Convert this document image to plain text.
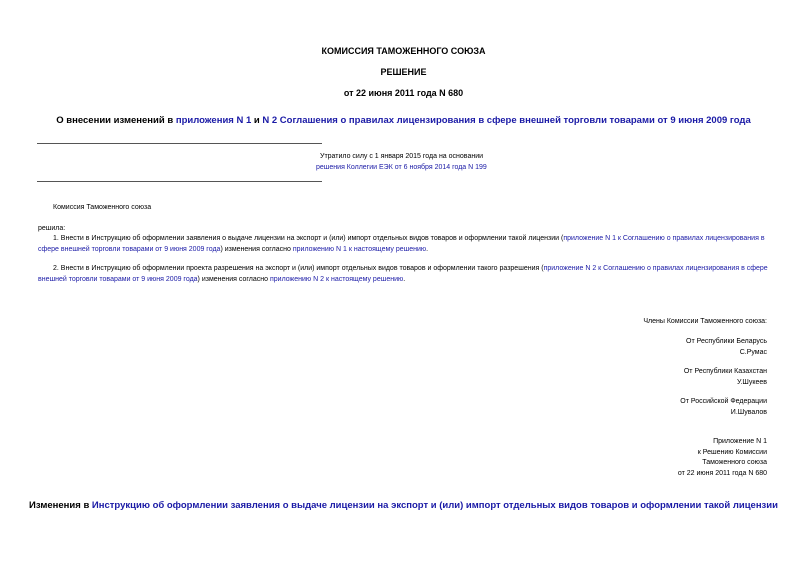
КОМИССИЯ ТАМОЖЕННОГО СОЮЗА
РЕШЕНИЕ
от 22 июня 2011 года N 680
О внесении изменений в приложения N 1 и N 2 Соглашения о правилах лицензирования в сфере внешней торговли товарами от 9 июня 2009 года
Утратило силу с 1 января 2015 года на основании
решения Коллегии ЕЭК от 6 ноября 2014 года N 199
Комиссия Таможенного союза
решила:
1. Внести в Инструкцию об оформлении заявления о выдаче лицензии на экспорт и (или) импорт отдельных видов товаров и оформлении такой лицензии (приложение N 1 к Соглашению о правилах лицензирования в сфере внешней торговли товарами от 9 июня 2009 года) изменения согласно приложению N 1 к настоящему решению.
2. Внести в Инструкцию об оформлении проекта разрешения на экспорт и (или) импорт отдельных видов товаров и оформлении такого разрешения (приложение N 2 к Соглашению о правилах лицензирования в сфере внешней торговли товарами от 9 июня 2009 года) изменения согласно приложению N 2 к настоящему решению.
Члены Комиссии Таможенного союза:
От Республики Беларусь
С.Румас
От Республики Казахстан
У.Шукеев
От Российской Федерации
И.Шувалов
Приложение N 1
к Решению Комиссии
Таможенного союза
от 22 июня 2011 года N 680
Изменения в Инструкцию об оформлении заявления о выдаче лицензии на экспорт и (или) импорт отдельных видов товаров и оформлении такой лицензии
